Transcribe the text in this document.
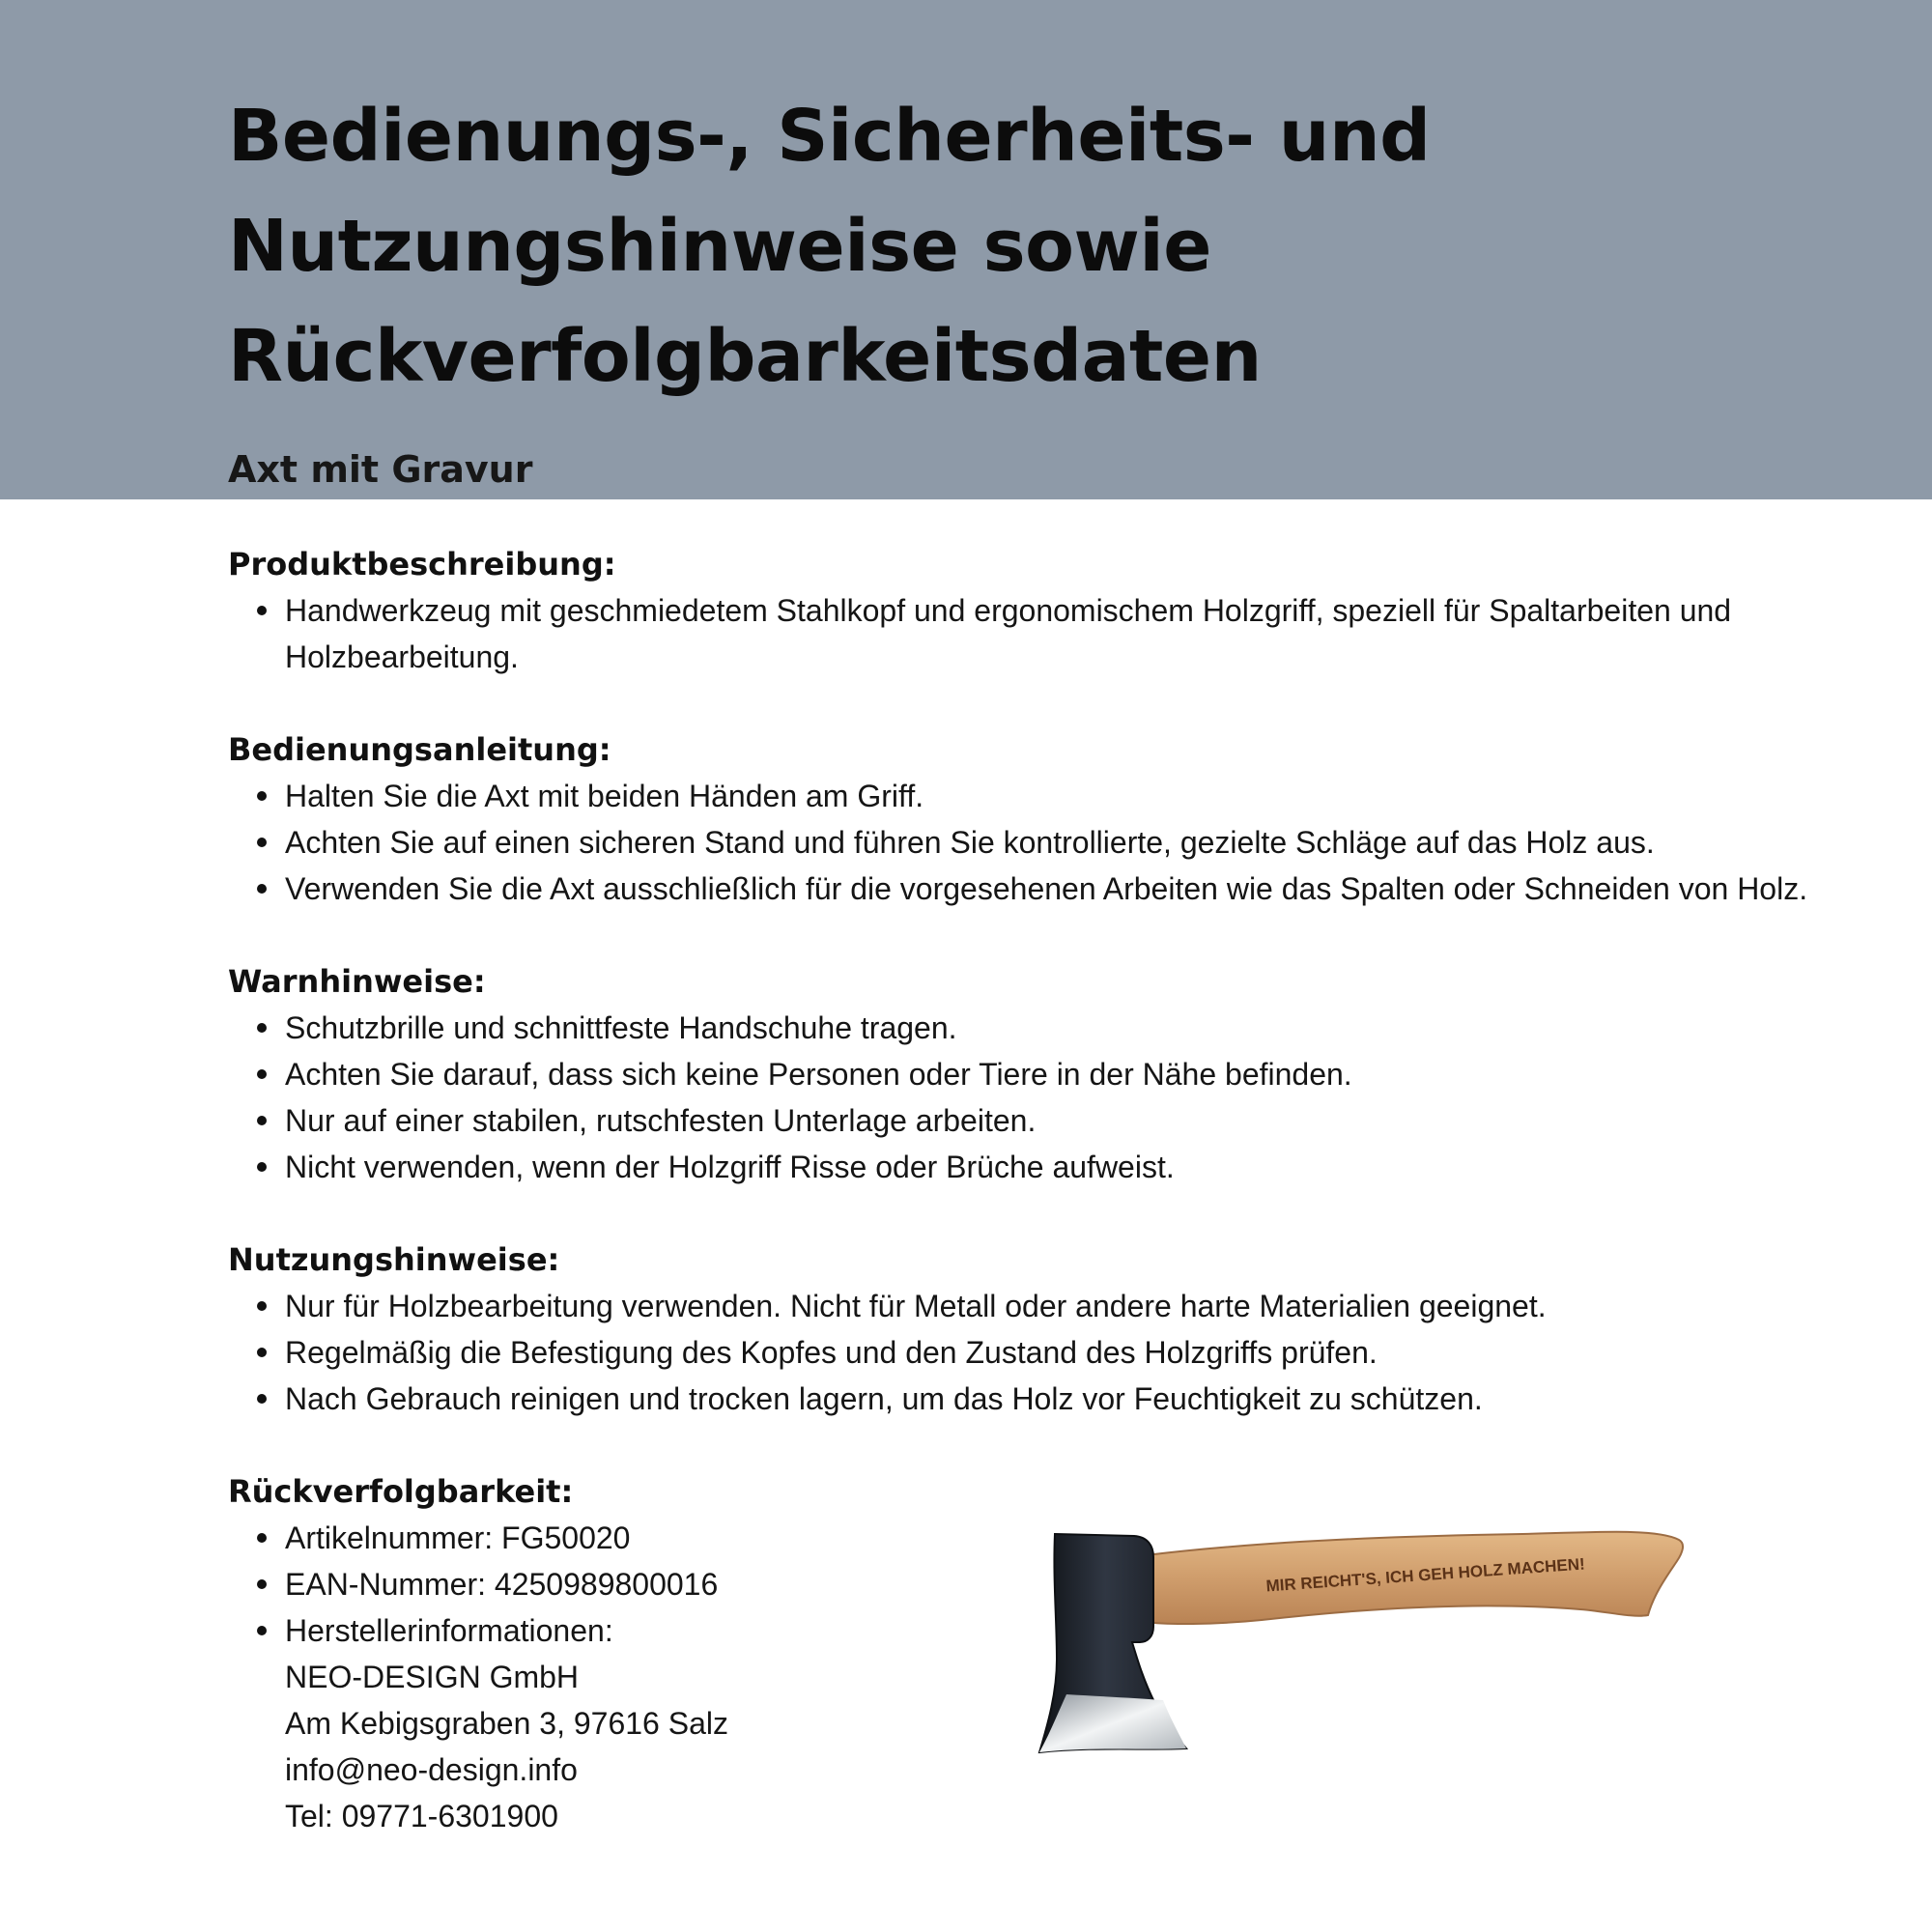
Bedienungs-, Sicherheits- und
Nutzungshinweise sowie
Rückverfolgbarkeitsdaten
Axt mit Gravur
Produktbeschreibung:
Handwerkzeug mit geschmiedetem Stahlkopf und ergonomischem Holzgriff, speziell für Spaltarbeiten und Holzbearbeitung.
Bedienungsanleitung:
Halten Sie die Axt mit beiden Händen am Griff.
Achten Sie auf einen sicheren Stand und führen Sie kontrollierte, gezielte Schläge auf das Holz aus.
Verwenden Sie die Axt ausschließlich für die vorgesehenen Arbeiten wie das Spalten oder Schneiden von Holz.
Warnhinweise:
Schutzbrille und schnittfeste Handschuhe tragen.
Achten Sie darauf, dass sich keine Personen oder Tiere in der Nähe befinden.
Nur auf einer stabilen, rutschfesten Unterlage arbeiten.
Nicht verwenden, wenn der Holzgriff Risse oder Brüche aufweist.
Nutzungshinweise:
Nur für Holzbearbeitung verwenden. Nicht für Metall oder andere harte Materialien geeignet.
Regelmäßig die Befestigung des Kopfes und den Zustand des Holzgriffs prüfen.
Nach Gebrauch reinigen und trocken lagern, um das Holz vor Feuchtigkeit zu schützen.
Rückverfolgbarkeit:
Artikelnummer: FG50020
EAN-Nummer: 4250989800016
Herstellerinformationen:
NEO-DESIGN GmbH
Am Kebigsgraben 3, 97616 Salz
info@neo-design.info
Tel: 09771-6301900
MIR REICHT'S, ICH GEH HOLZ MACHEN!
